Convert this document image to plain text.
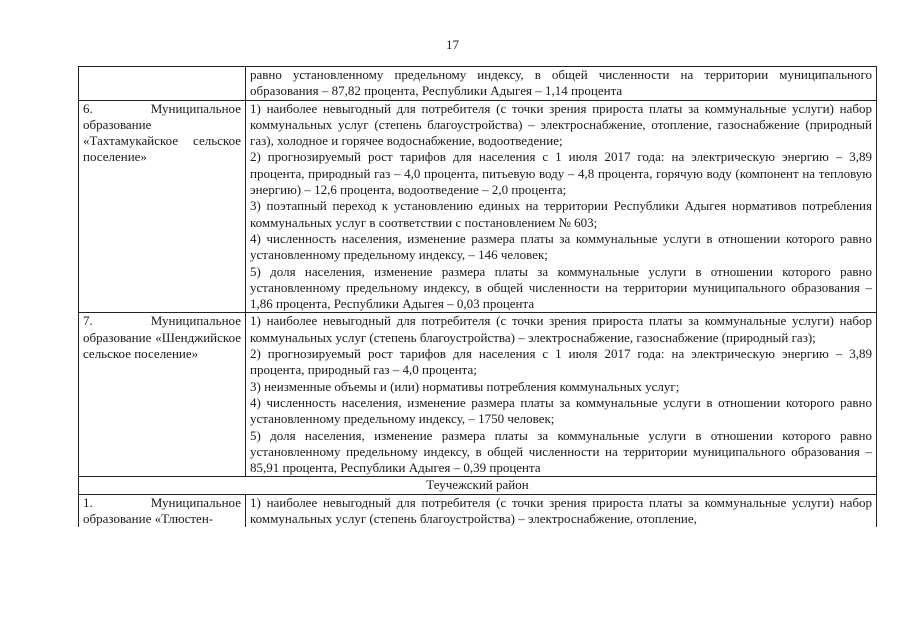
17

	равно установленному предельному индексу, в общей численности на территории муниципального образования – 87,82 процента, Республики Адыгея – 1,14 процента

6. Муниципальное образование «Тахтамукайское сельское поселение»	1) наиболее невыгодный для потребителя (с точки зрения прироста платы за коммунальные услуги) набор коммунальных услуг (степень благоустройства) – электроснабжение, отопление, газоснабжение (природный газ), холодное и горячее водоснабжение, водоотведение;
2) прогнозируемый рост тарифов для населения с 1 июля 2017 года: на электрическую энергию – 3,89 процента, природный газ – 4,0 процента, питьевую воду – 4,8 процента, горячую воду (компонент на тепловую энергию) – 12,6 процента, водоотведение – 2,0 процента;
3) поэтапный переход к установлению единых на территории Республики Адыгея нормативов потребления коммунальных услуг в соответствии с постановлением № 603;
4) численность населения, изменение размера платы за коммунальные услуги в отношении которого равно установленному предельному индексу, – 146 человек;
5) доля населения, изменение размера платы за коммунальные услуги в отношении которого равно установленному предельному индексу, в общей численности на территории муниципального образования – 1,86 процента, Республики Адыгея – 0,03 процента

7. Муниципальное образование «Шенджийское сельское поселение»	1) наиболее невыгодный для потребителя (с точки зрения прироста платы за коммунальные услуги) набор коммунальных услуг (степень благоустройства) – электроснабжение, газоснабжение (природный газ);
2) прогнозируемый рост тарифов для населения с 1 июля 2017 года: на электрическую энергию – 3,89 процента, природный газ – 4,0 процента;
3) неизменные объемы и (или) нормативы потребления коммунальных услуг;
4) численность населения, изменение размера платы за коммунальные услуги в отношении которого равно установленному предельному индексу, – 1750 человек;
5) доля населения, изменение размера платы за коммунальные услуги в отношении которого равно установленному предельному индексу, в общей численности на территории муниципального образования – 85,91 процента, Республики Адыгея – 0,39 процента

Теучежский район	
1. Муниципальное образование «Тлюстен-	1) наиболее невыгодный для потребителя (с точки зрения прироста платы за коммунальные услуги) набор коммунальных услуг (степень благоустройства) – электроснабжение, отопление,
